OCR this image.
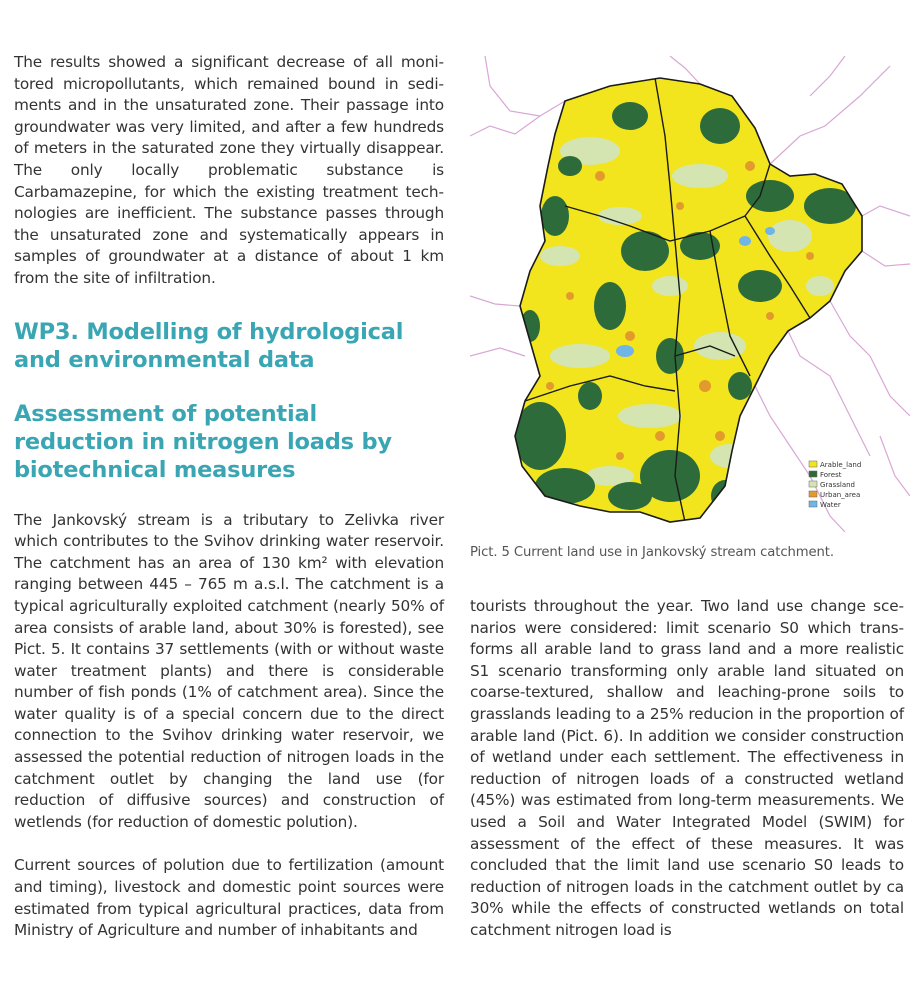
The results showed a significant decrease of all monitored micropollutants, which remained bound in sediments and in the unsaturated zone. Their passage into groundwater was very limited, and after a few hundreds of meters in the saturated zone they virtually disappear. The only locally problematic substance is Carbamazepine, for which the existing treatment technologies are inefficient. The substance passes through the unsaturated zone and systematically appears in samples of groundwater at a distance of about 1 km from the site of infiltration.

WP3. Modelling of hydrological and environmental data
Assessment of potential reduction in nitrogen loads by biotechnical measures

The Jankovský stream is a tributary to Zelivka river which contributes to the Svihov drinking water reservoir. The catchment has an area of 130 km² with elevation ranging between 445 – 765 m a.s.l. The catchment is a typical agriculturally exploited catchment (nearly 50% of area consists of arable land, about 30% is forested), see Pict. 5. It contains 37 settlements (with or without waste water treatment plants) and there is considerable number of fish ponds (1% of catchment area). Since the water quality is of a special concern due to the direct connection to the Svihov drinking water reservoir, we assessed the potential reduction of nitrogen loads in the catchment outlet by changing the land use (for reduction of diffusive sources) and construction of wetlends (for reduction of domestic polution).

Current sources of polution due to fertilization (amount and timing), livestock and domestic point sources were estimated from typical agricultural practices, data from Ministry of Agriculture and number of inhabitants and

Arable_land
Forest
Grassland
Urban_area
Water
Pict. 5 Current land use in Jankovský stream catchment.

tourists throughout the year. Two land use change scenarios were considered: limit scenario S0 which transforms all arable land to grass land and a more realistic S1 scenario transforming only arable land situated on coarse-textured, shallow and leaching-prone soils to grasslands leading to a 25% reducion in the proportion of arable land (Pict. 6). In addition we consider construction of wetland under each settlement. The effectiveness in reduction of nitrogen loads of a constructed wetland (45%) was estimated from long-term measurements. We used a Soil and Water Integrated Model (SWIM) for assessment of the effect of these measures. It was concluded that the limit land use scenario S0 leads to reduction of nitrogen loads in the catchment outlet by ca 30% while the effects of constructed wetlands on total catchment nitrogen load is
